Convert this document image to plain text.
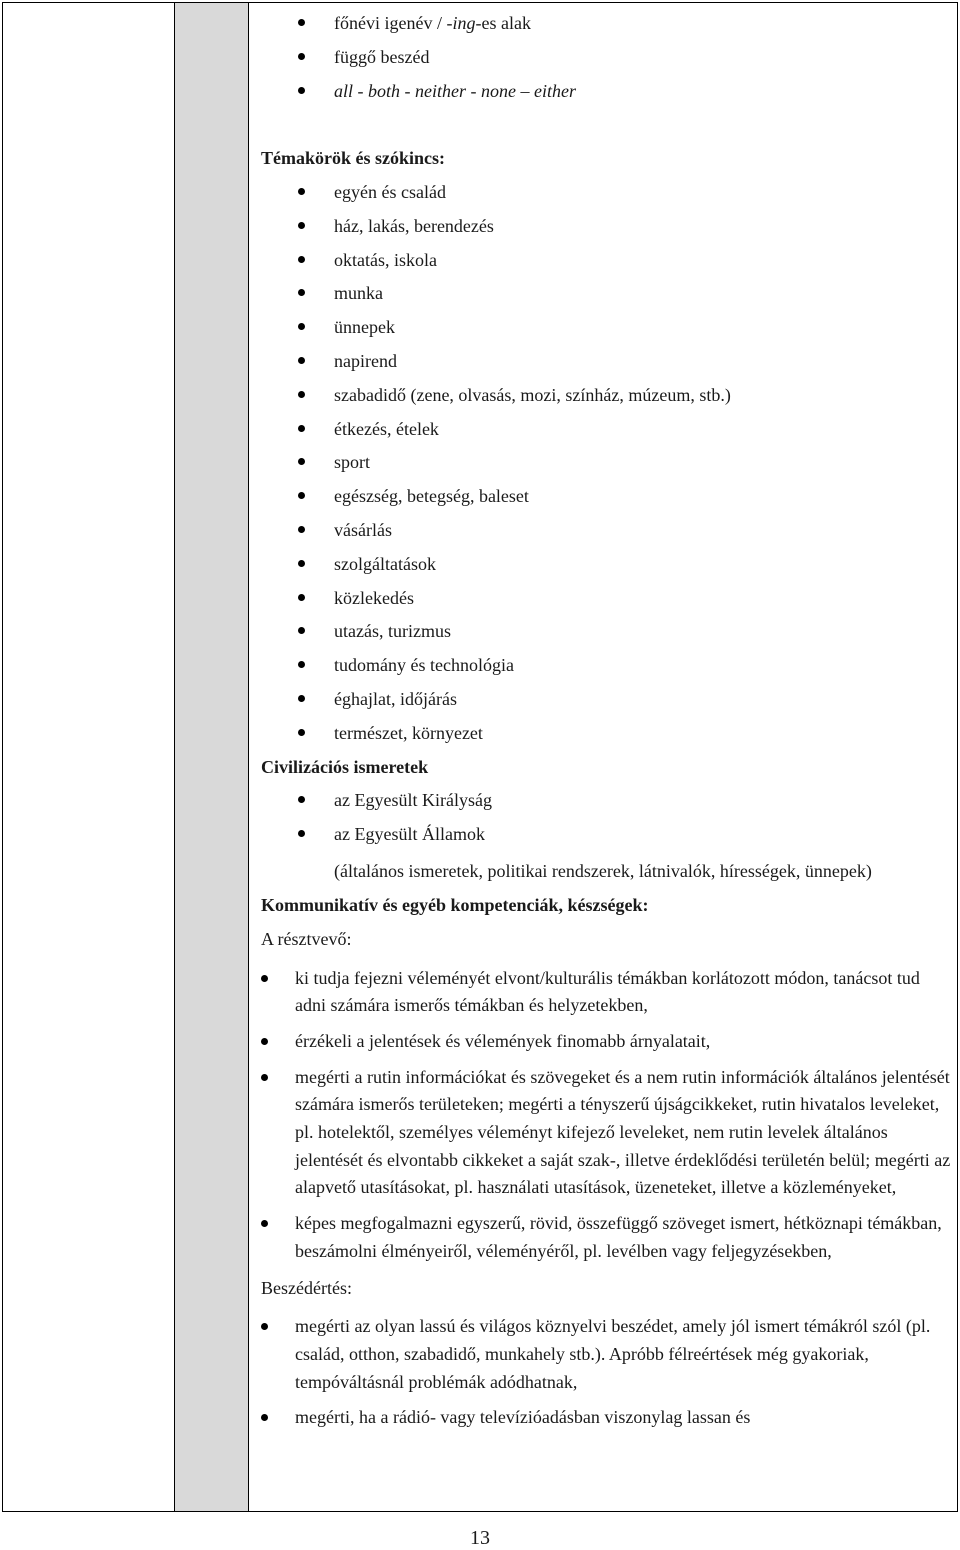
főnévi igenév / -ing-es alak
függő beszéd
all - both - neither - none – either
Témakörök és szókincs:
egyén és család
ház, lakás, berendezés
oktatás, iskola
munka
ünnepek
napirend
szabadidő (zene, olvasás, mozi, színház, múzeum, stb.)
étkezés, ételek
sport
egészség, betegség, baleset
vásárlás
szolgáltatások
közlekedés
utazás, turizmus
tudomány és technológia
éghajlat, időjárás
természet, környezet
Civilizációs ismeretek
az Egyesült Királyság
az Egyesült Államok
(általános ismeretek, politikai rendszerek, látnivalók, hírességek, ünnepek)
Kommunikatív és egyéb kompetenciák, készségek:
A résztvevő:
ki tudja fejezni véleményét elvont/kulturális témákban korlátozott módon, tanácsot tud adni számára ismerős témákban és helyzetekben,
érzékeli a jelentések és vélemények finomabb árnyalatait,
megérti a rutin információkat és szövegeket és a nem rutin információk általános jelentését számára ismerős területeken; megérti a tényszerű újságcikkeket, rutin hivatalos leveleket, pl. hotelektől, személyes véleményt kifejező leveleket, nem rutin levelek általános jelentését és elvontabb cikkeket a saját szak-, illetve érdeklődési területén belül; megérti az alapvető utasításokat, pl. használati utasítások, üzeneteket, illetve a közleményeket,
képes megfogalmazni egyszerű, rövid, összefüggő szöveget ismert, hétköznapi témákban, beszámolni élményeiről, véleményéről, pl. levélben vagy feljegyzésekben,
Beszédértés:
megérti az olyan lassú és világos köznyelvi beszédet, amely jól ismert témákról szól (pl. család, otthon, szabadidő, munkahely stb.). Apróbb félreértések még gyakoriak, tempóváltásnál problémák adódhatnak,
megérti, ha a rádió- vagy televízióadásban viszonylag lassan és
13
